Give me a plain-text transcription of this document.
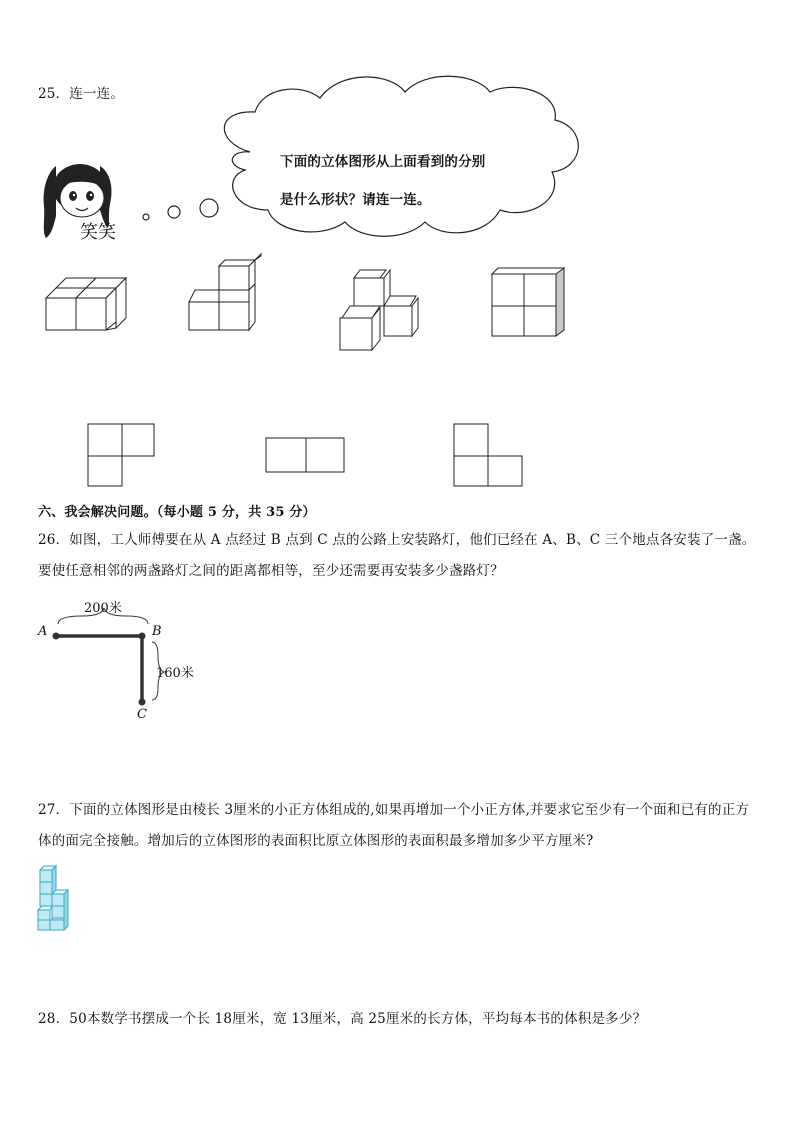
25．连一连。
下面的立体图形从上面看到的分别
是什么形状？请连一连。
笑笑
六、我会解决问题。（每小题 5 分，共 35 分）
26．如图，工人师傅要在从 A 点经过 B 点到 C 点的公路上安装路灯，他们已经在 A、B、C 三个地点各安装了一盏。
要使任意相邻的两盏路灯之间的距离都相等，至少还需要再安装多少盏路灯？
200米
A	B
160米
C
27．下面的立体图形是由棱长 3厘米的小正方体组成的,如果再增加一个小正方体,并要求它至少有一个面和已有的正方
体的面完全接触。增加后的立体图形的表面积比原立体图形的表面积最多增加多少平方厘米?
28．50本数学书摆成一个长 18厘米，宽 13厘米，高 25厘米的长方体，平均每本书的体积是多少？
